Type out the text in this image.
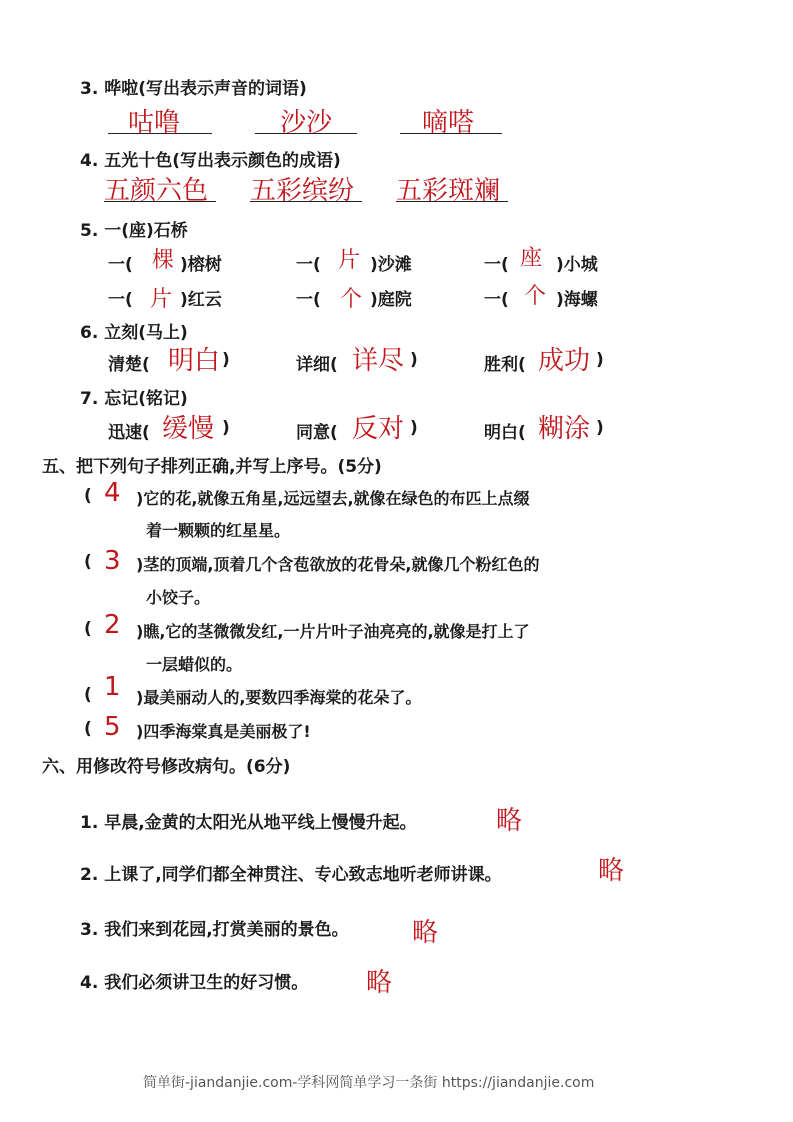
3. 哗啦(写出表示声音的词语)
咕噜	沙沙	嘀嗒
4. 五光十色(写出表示颜色的成语)
五颜六色 五彩缤纷 五彩斑斓
5. 一(座)石桥
一( 棵 )榕树	一( 片 )沙滩	一( 座 )小城
一( 片 )红云	一( 个 )庭院	一( 个 )海螺
6. 立刻(马上)
清楚( 明白 )	详细( 详尽 )	胜利( 成功 )
7. 忘记(铭记)
迅速( 缓慢 )	同意( 反对 )	明白( 糊涂 )
五、把下列句子排列正确,并写上序号。(5分)
( 4 )它的花,就像五角星,远远望去,就像在绿色的布匹上点缀
着一颗颗的红星星。
( 3 )茎的顶端,顶着几个含苞欲放的花骨朵,就像几个粉红色的
小饺子。
( 2 )瞧,它的茎微微发红,一片片叶子油亮亮的,就像是打上了
一层蜡似的。
( 1 )最美丽动人的,要数四季海棠的花朵了。
( 5 )四季海棠真是美丽极了!
六、用修改符号修改病句。(6分)
1. 早晨,金黄的太阳光从地平线上慢慢升起。	略
2. 上课了,同学们都全神贯注、专心致志地听老师讲课。	略
3. 我们来到花园,打赏美丽的景色。 略
4. 我们必须讲卫生的好习惯。 略
简单街-jiandanjie.com-学科网简单学习一条街 https://jiandanjie.com
